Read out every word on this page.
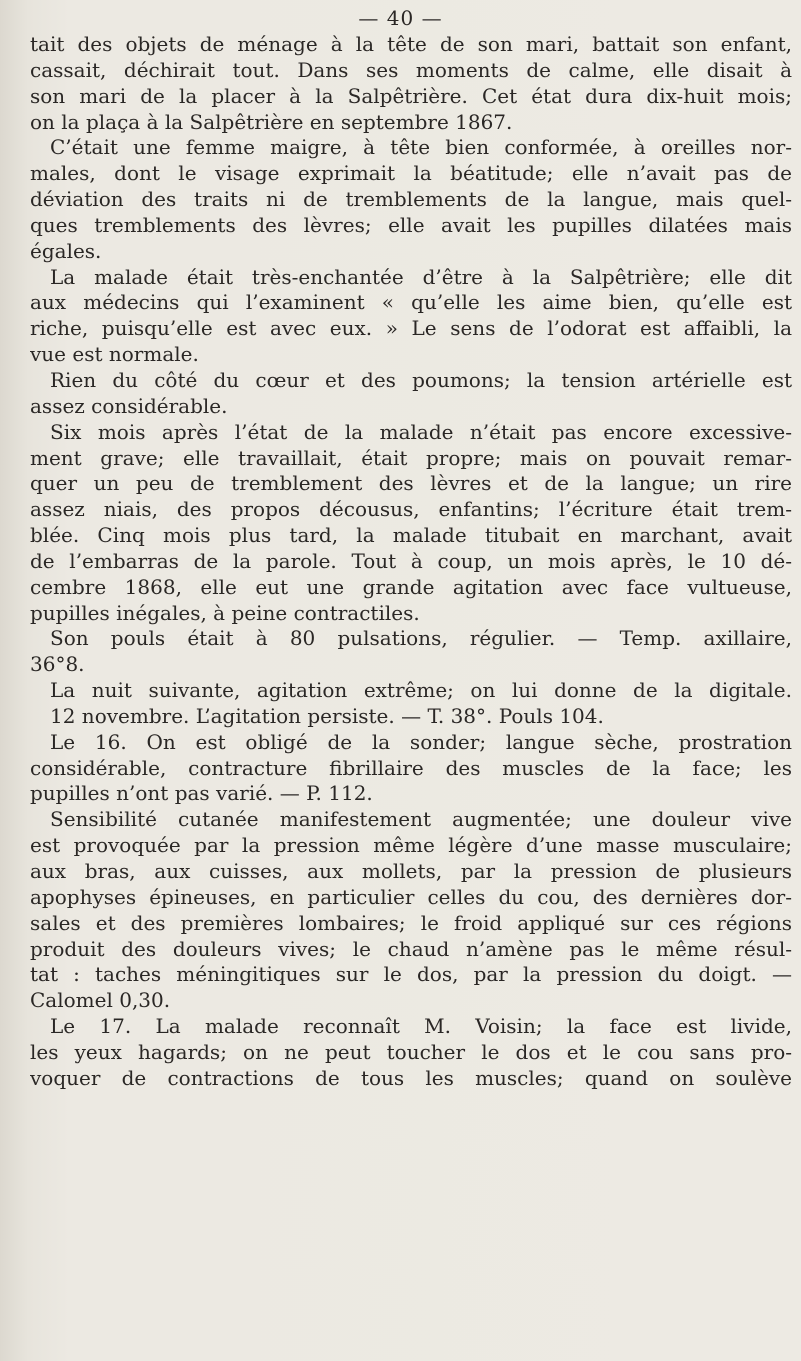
— 40 —
tait des objets de ménage à la tête de son mari, battait son enfant,
cassait, déchirait tout. Dans ses moments de calme, elle disait à
son mari de la placer à la Salpêtrière. Cet état dura dix-huit mois;
on la plaça à la Salpêtrière en septembre 1867.
C’était une femme maigre, à tête bien conformée, à oreilles nor-
males, dont le visage exprimait la béatitude; elle n’avait pas de
déviation des traits ni de tremblements de la langue, mais quel-
ques tremblements des lèvres; elle avait les pupilles dilatées mais
égales.
La malade était très-enchantée d’être à la Salpêtrière; elle dit
aux médecins qui l’examinent « qu’elle les aime bien, qu’elle est
riche, puisqu’elle est avec eux. » Le sens de l’odorat est affaibli, la
vue est normale.
Rien du côté du cœur et des poumons; la tension artérielle est
assez considérable.
Six mois après l’état de la malade n’était pas encore excessive-
ment grave; elle travaillait, était propre; mais on pouvait remar-
quer un peu de tremblement des lèvres et de la langue; un rire
assez niais, des propos décousus, enfantins; l’écriture était trem-
blée. Cinq mois plus tard, la malade titubait en marchant, avait
de l’embarras de la parole. Tout à coup, un mois après, le 10 dé-
cembre 1868, elle eut une grande agitation avec face vultueuse,
pupilles inégales, à peine contractiles.
Son pouls était à 80 pulsations, régulier. — Temp. axillaire,
36°8.
La nuit suivante, agitation extrême; on lui donne de la digitale.
12 novembre. L’agitation persiste. — T. 38°. Pouls 104.
Le 16. On est obligé de la sonder; langue sèche, prostration
considérable, contracture fibrillaire des muscles de la face; les
pupilles n’ont pas varié. — P. 112.
Sensibilité cutanée manifestement augmentée; une douleur vive
est provoquée par la pression même légère d’une masse musculaire;
aux bras, aux cuisses, aux mollets, par la pression de plusieurs
apophyses épineuses, en particulier celles du cou, des dernières dor-
sales et des premières lombaires; le froid appliqué sur ces régions
produit des douleurs vives; le chaud n’amène pas le même résul-
tat : taches méningitiques sur le dos, par la pression du doigt. —
Calomel 0,30.
Le 17. La malade reconnaît M. Voisin; la face est livide,
les yeux hagards; on ne peut toucher le dos et le cou sans pro-
voquer de contractions de tous les muscles; quand on soulève
